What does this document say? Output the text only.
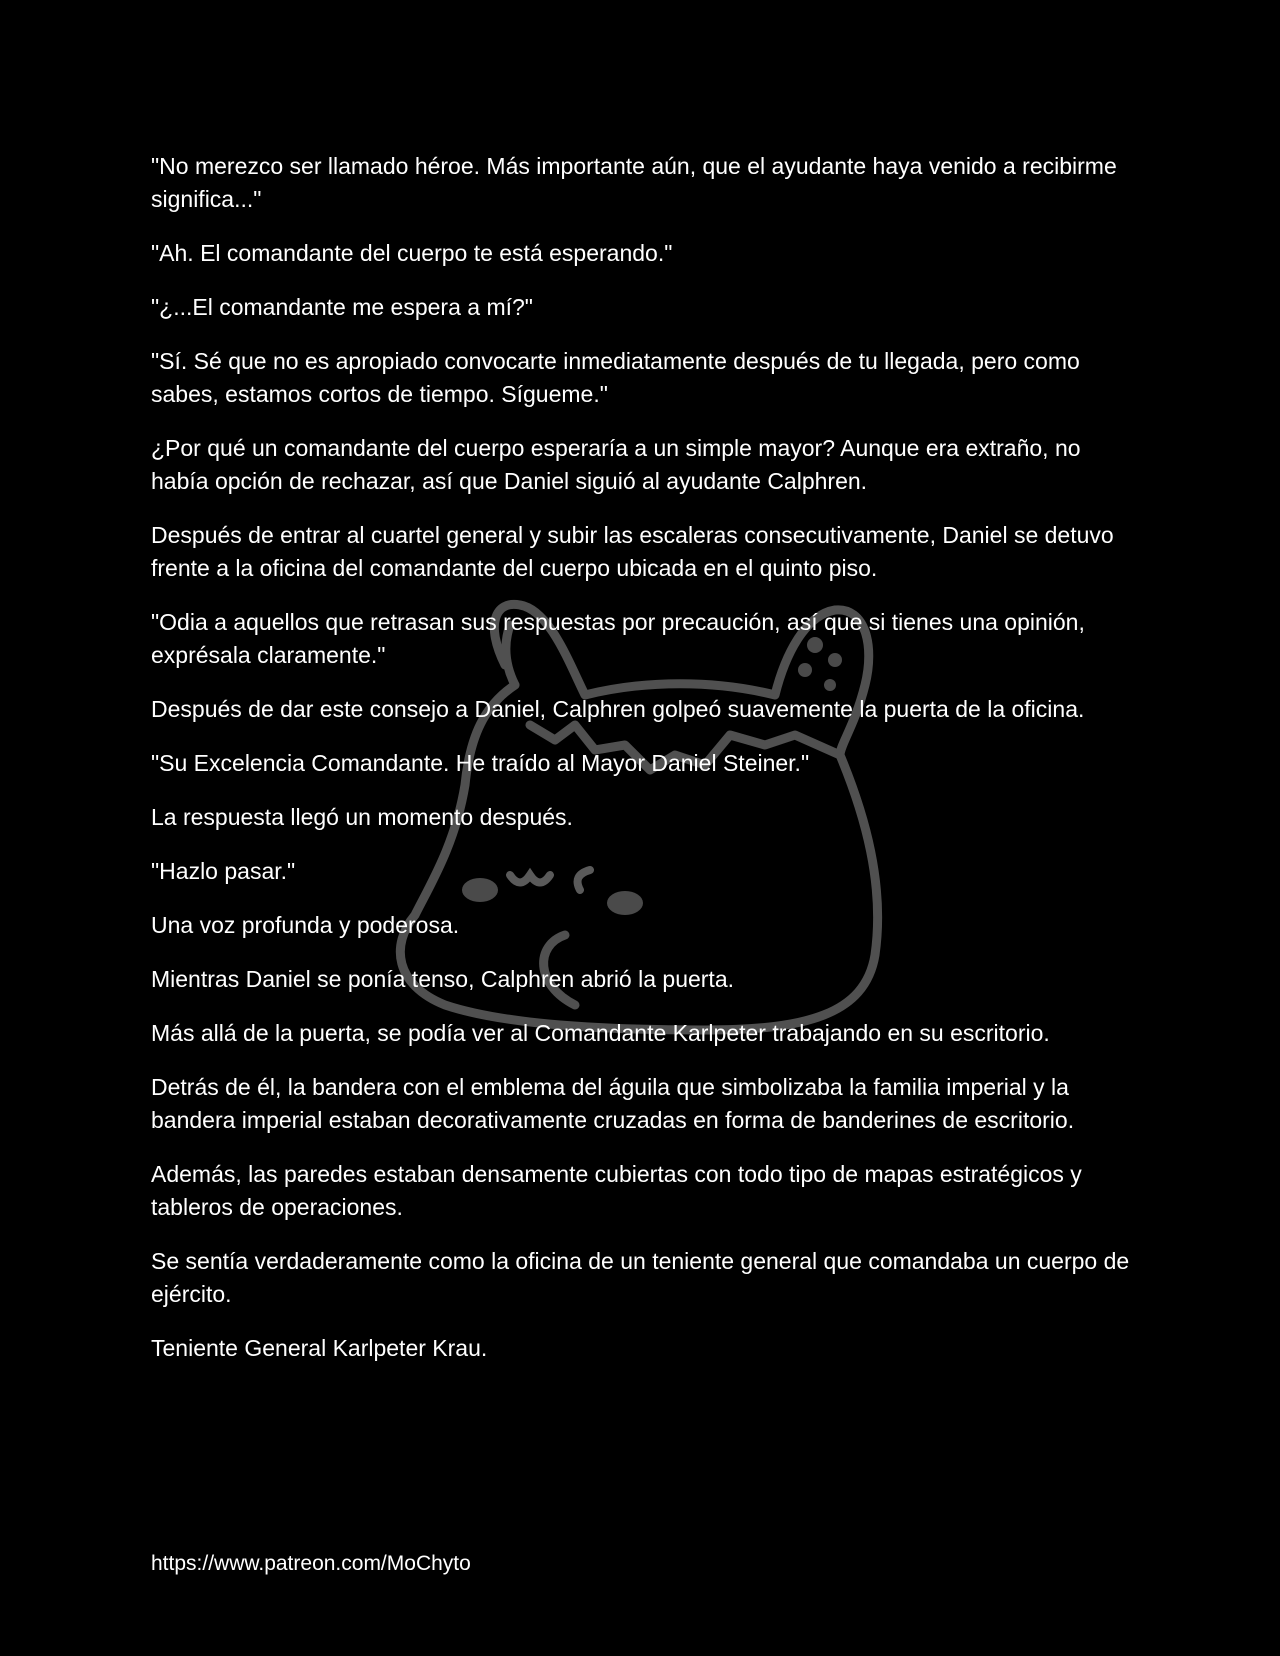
"No merezco ser llamado héroe. Más importante aún, que el ayudante haya venido a recibirme significa..."

"Ah. El comandante del cuerpo te está esperando."

"¿...El comandante me espera a mí?"

"Sí. Sé que no es apropiado convocarte inmediatamente después de tu llegada, pero como sabes, estamos cortos de tiempo. Sígueme."

¿Por qué un comandante del cuerpo esperaría a un simple mayor? Aunque era extraño, no había opción de rechazar, así que Daniel siguió al ayudante Calphren.

Después de entrar al cuartel general y subir las escaleras consecutivamente, Daniel se detuvo frente a la oficina del comandante del cuerpo ubicada en el quinto piso.

"Odia a aquellos que retrasan sus respuestas por precaución, así que si tienes una opinión, exprésala claramente."

Después de dar este consejo a Daniel, Calphren golpeó suavemente la puerta de la oficina.

"Su Excelencia Comandante. He traído al Mayor Daniel Steiner."

La respuesta llegó un momento después.

"Hazlo pasar."

Una voz profunda y poderosa.

Mientras Daniel se ponía tenso, Calphren abrió la puerta.

Más allá de la puerta, se podía ver al Comandante Karlpeter trabajando en su escritorio.

Detrás de él, la bandera con el emblema del águila que simbolizaba la familia imperial y la bandera imperial estaban decorativamente cruzadas en forma de banderines de escritorio.

Además, las paredes estaban densamente cubiertas con todo tipo de mapas estratégicos y tableros de operaciones.

Se sentía verdaderamente como la oficina de un teniente general que comandaba un cuerpo de ejército.

Teniente General Karlpeter Krau.

https://www.patreon.com/MoChyto
